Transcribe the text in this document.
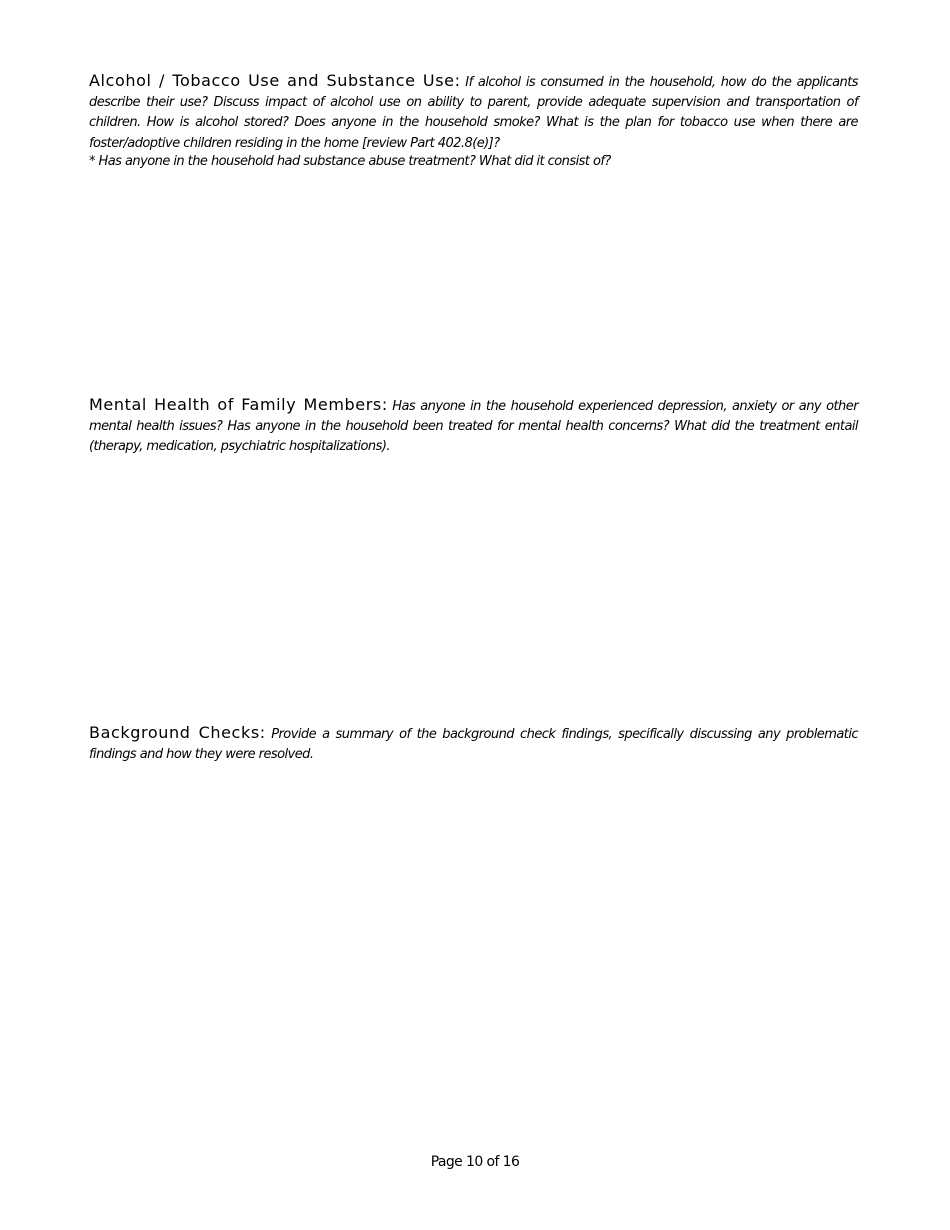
Alcohol / Tobacco Use and Substance Use: If alcohol is consumed in the household, how do the applicants describe their use? Discuss impact of alcohol use on ability to parent, provide adequate supervision and transportation of children. How is alcohol stored? Does anyone in the household smoke? What is the plan for tobacco use when there are foster/adoptive children residing in the home [review Part 402.8(e)]?
* Has anyone in the household had substance abuse treatment? What did it consist of?
Mental Health of Family Members: Has anyone in the household experienced depression, anxiety or any other mental health issues? Has anyone in the household been treated for mental health concerns? What did the treatment entail (therapy, medication, psychiatric hospitalizations).
Background Checks: Provide a summary of the background check findings, specifically discussing any problematic findings and how they were resolved.
Page 10 of 16
